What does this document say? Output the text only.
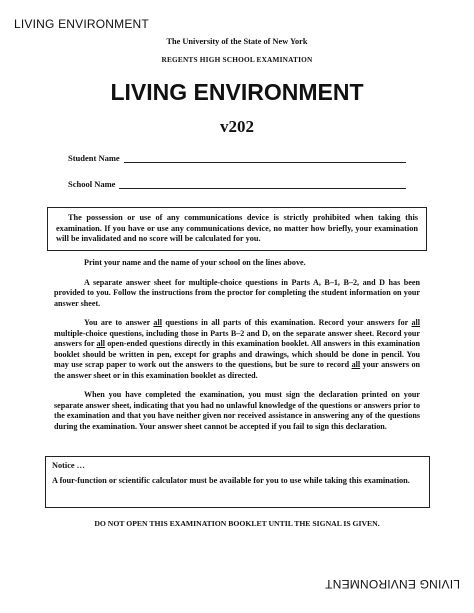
LIVING ENVIRONMENT
The University of the State of New York
REGENTS HIGH SCHOOL EXAMINATION
LIVING ENVIRONMENT
v202
Student Name
School Name
The possession or use of any communications device is strictly prohibited when taking this examination. If you have or use any communications device, no matter how briefly, your examination will be invalidated and no score will be calculated for you.

Print your name and the name of your school on the lines above.

A separate answer sheet for multiple-choice questions in Parts A, B–1, B–2, and D has been provided to you. Follow the instructions from the proctor for completing the student information on your answer sheet.

You are to answer all questions in all parts of this examination. Record your answers for all multiple-choice questions, including those in Parts B–2 and D, on the separate answer sheet. Record your answers for all open-ended questions directly in this examination booklet. All answers in this examination booklet should be written in pen, except for graphs and drawings, which should be done in pencil. You may use scrap paper to work out the answers to the questions, but be sure to record all your answers on the answer sheet or in this examination booklet as directed.

When you have completed the examination, you must sign the declaration printed on your separate answer sheet, indicating that you had no unlawful knowledge of the questions or answers prior to the examination and that you have neither given nor received assistance in answering any of the questions during the examination. Your answer sheet cannot be accepted if you fail to sign this declaration.

Notice …
A four-function or scientific calculator must be available for you to use while taking this examination.
DO NOT OPEN THIS EXAMINATION BOOKLET UNTIL THE SIGNAL IS GIVEN.
LIVING ENVIRONMENT
